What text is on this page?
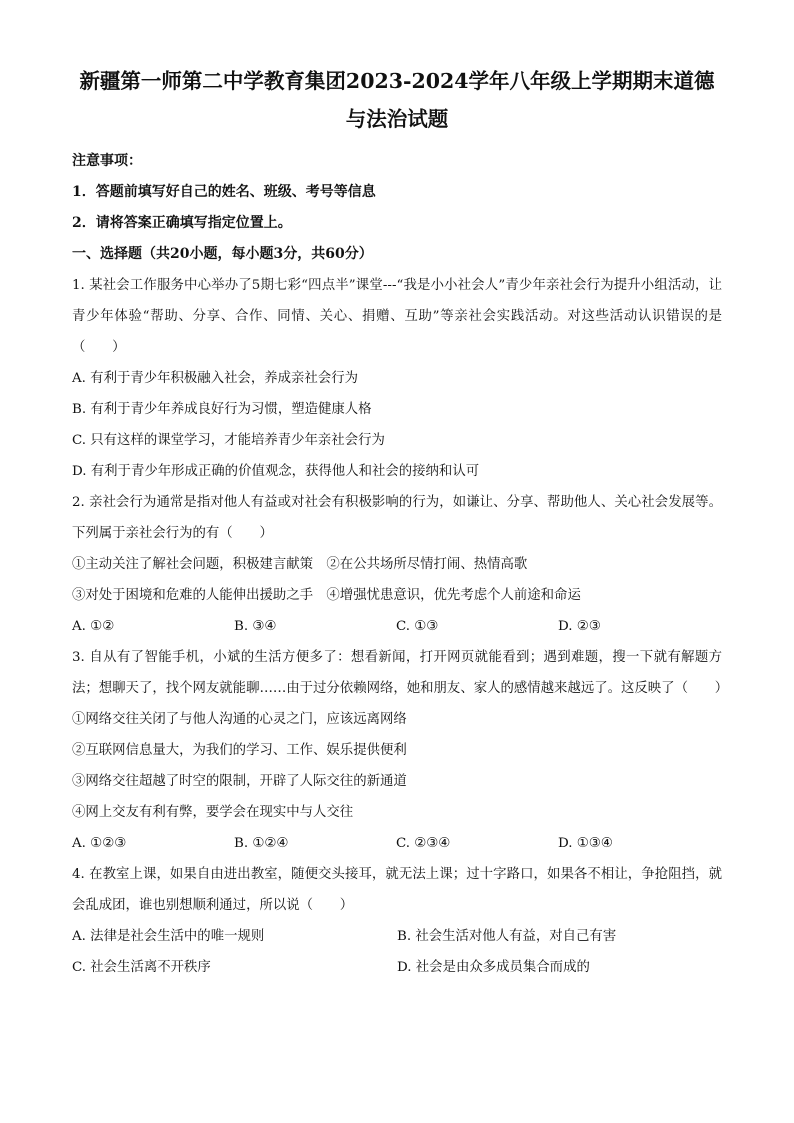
新疆第一师第二中学教育集团2023-2024学年八年级上学期期末道德
与法治试题
注意事项：
1．答题前填写好自己的姓名、班级、考号等信息
2．请将答案正确填写指定位置上。
一、选择题（共20小题，每小题3分，共60分）
1. 某社会工作服务中心举办了5期七彩“四点半”课堂---“我是小小社会人”青少年亲社会行为提升小组活动，让青少年体验“帮助、分享、合作、同情、关心、捐赠、互助”等亲社会实践活动。对这些活动认识错误的是（　　）
A. 有利于青少年积极融入社会，养成亲社会行为
B. 有利于青少年养成良好行为习惯，塑造健康人格
C. 只有这样的课堂学习，才能培养青少年亲社会行为
D. 有利于青少年形成正确的价值观念，获得他人和社会的接纳和认可
2. 亲社会行为通常是指对他人有益或对社会有积极影响的行为，如谦让、分享、帮助他人、关心社会发展等。下列属于亲社会行为的有（　　）
①主动关注了解社会问题，积极建言献策　②在公共场所尽情打闹、热情高歌
③对处于困境和危难的人能伸出援助之手　④增强忧患意识，优先考虑个人前途和命运
A. ①②	B. ③④	C. ①③	D. ②③
3. 自从有了智能手机，小斌的生活方便多了：想看新闻，打开网页就能看到；遇到难题，搜一下就有解题方法；想聊天了，找个网友就能聊……由于过分依赖网络，她和朋友、家人的感情越来越远了。这反映了（　　）
①网络交往关闭了与他人沟通的心灵之门，应该远离网络
②互联网信息量大，为我们的学习、工作、娱乐提供便利
③网络交往超越了时空的限制，开辟了人际交往的新通道
④网上交友有利有弊，要学会在现实中与人交往
A. ①②③	B. ①②④	C. ②③④	D. ①③④
4. 在教室上课，如果自由进出教室，随便交头接耳，就无法上课；过十字路口，如果各不相让，争抢阻挡，就会乱成团，谁也别想顺利通过，所以说（　　）
A. 法律是社会生活中的唯一规则	B. 社会生活对他人有益，对自己有害
C. 社会生活离不开秩序	D. 社会是由众多成员集合而成的
